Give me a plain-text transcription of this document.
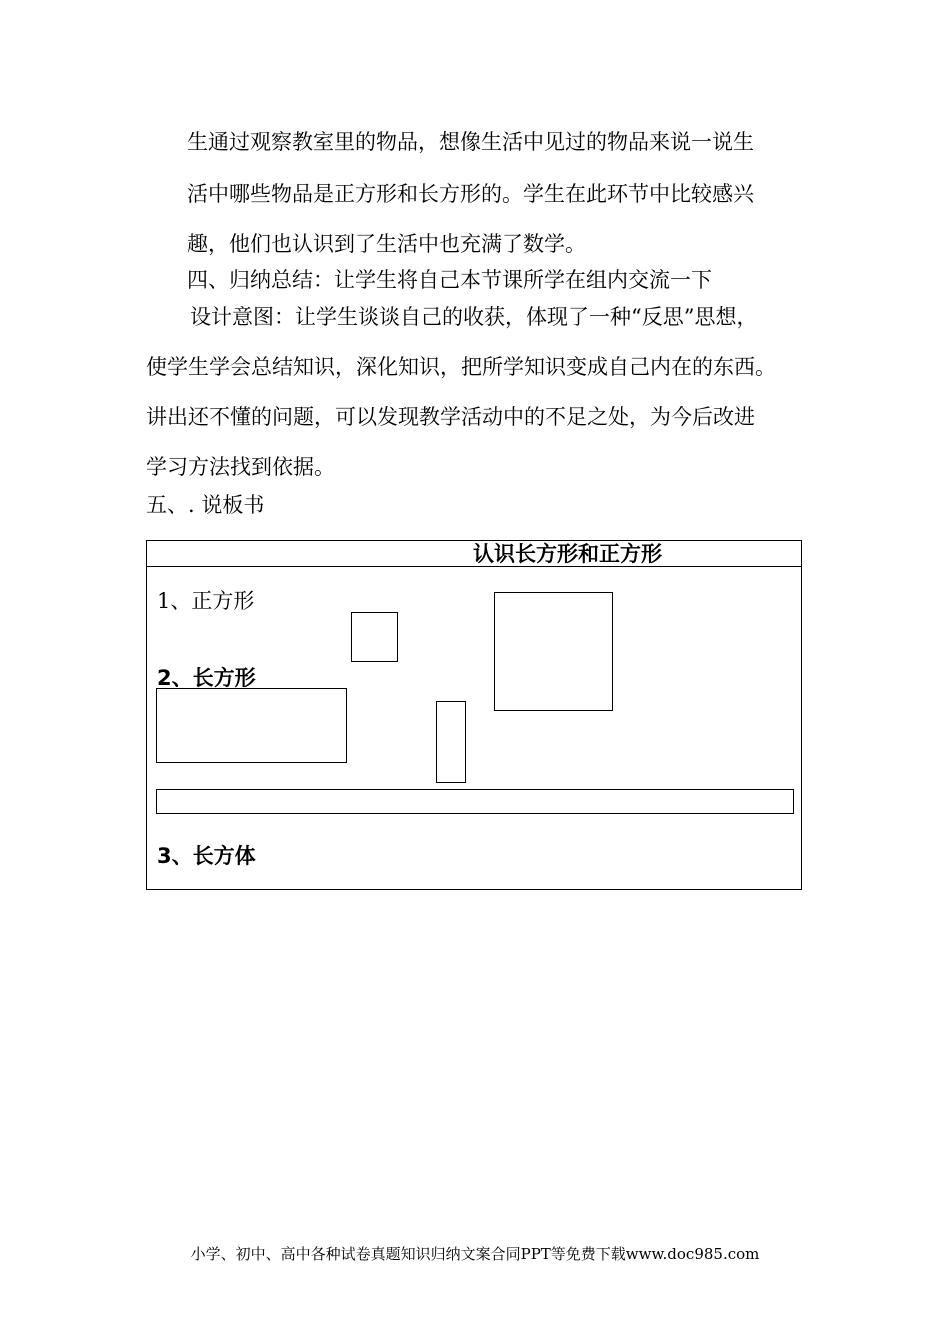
生通过观察教室里的物品，想像生活中见过的物品来说一说生

活中哪些物品是正方形和长方形的。学生在此环节中比较感兴

趣，他们也认识到了生活中也充满了数学。

四、归纳总结：让学生将自己本节课所学在组内交流一下

设计意图：让学生谈谈自己的收获，体现了一种“反思”思想，

使学生学会总结知识，深化知识，把所学知识变成自己内在的东西。

讲出还不懂的问题，可以发现教学活动中的不足之处，为今后改进

学习方法找到依据。

五、. 说板书

认识长方形和正方形
1、正方形
2、长方形
3、长方体
小学、初中、高中各种试卷真题知识归纳文案合同PPT等免费下载www.doc985.com
